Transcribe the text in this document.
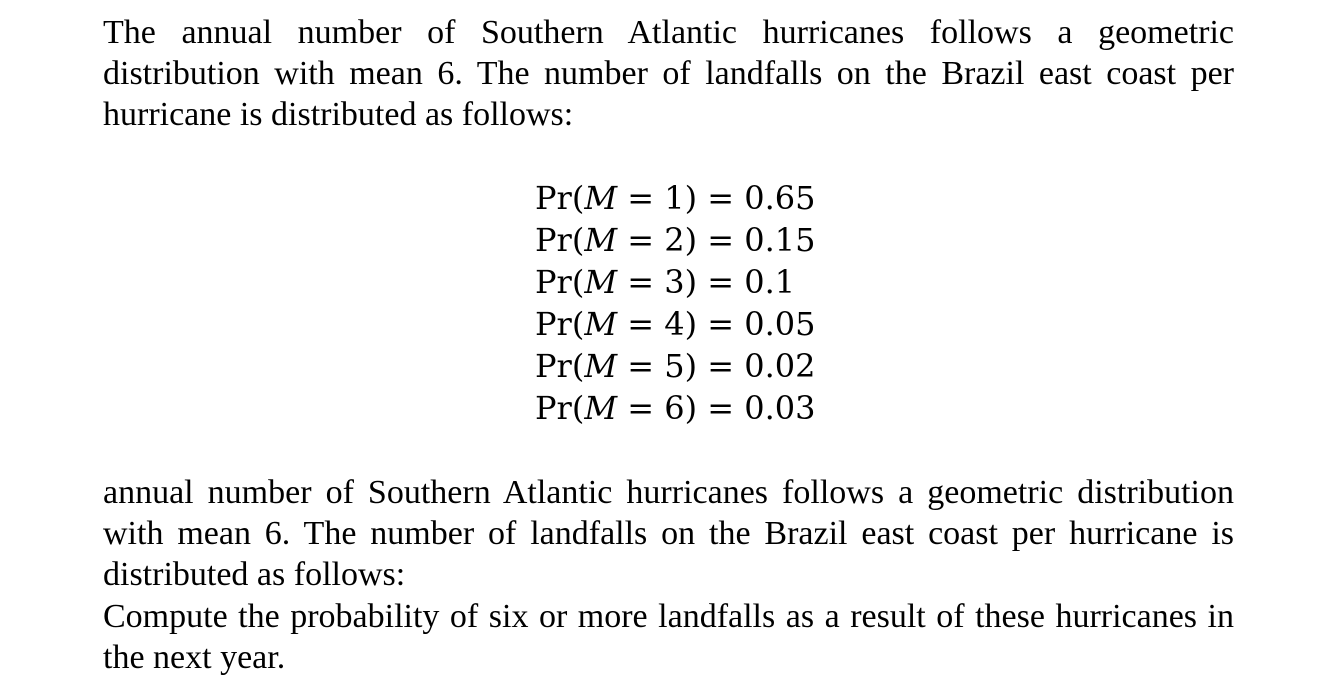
The annual number of Southern Atlantic hurricanes follows a geometric distribution with mean 6. The number of landfalls on the Brazil east coast per hurricane is distributed as follows:

Pr(M = 1) = 0.65
Pr(M = 2) = 0.15
Pr(M = 3) = 0.1
Pr(M = 4) = 0.05
Pr(M = 5) = 0.02
Pr(M = 6) = 0.03

annual number of Southern Atlantic hurricanes follows a geometric distribution with mean 6. The number of landfalls on the Brazil east coast per hurricane is distributed as follows:

Compute the probability of six or more landfalls as a result of these hurricanes in the next year.
